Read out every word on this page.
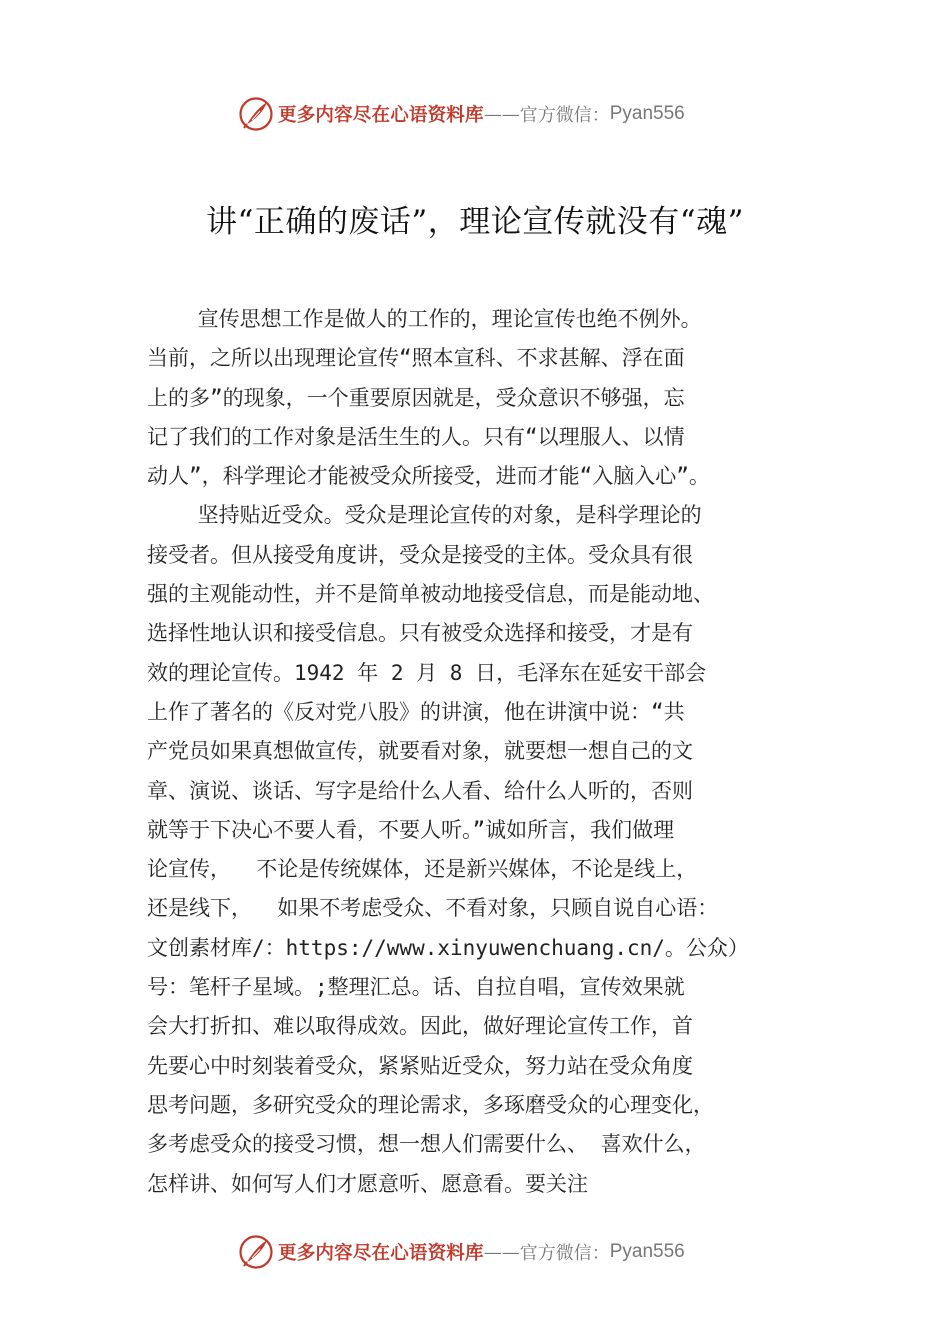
更多内容尽在心语资料库 —— 官方微信： Pyan556
讲“正确的废话”，理论宣传就没有“魂”
宣传思想工作是做人的工作的，理论宣传也绝不例外。
当前，之所以出现理论宣传“照本宣科、不求甚解、浮在面
上的多”的现象，一个重要原因就是，受众意识不够强，忘
记了我们的工作对象是活生生的人。只有“以理服人、以情
动人”，科学理论才能被受众所接受，进而才能“入脑入心”。
坚持贴近受众。受众是理论宣传的对象，是科学理论的
接受者。但从接受角度讲，受众是接受的主体。受众具有很
强的主观能动性，并不是简单被动地接受信息，而是能动地、
选择性地认识和接受信息。只有被受众选择和接受，才是有
效的理论宣传。1942 年 2 月 8 日，毛泽东在延安干部会
上作了著名的《反对党八股》的讲演，他在讲演中说：“共
产党员如果真想做宣传，就要看对象，就要想一想自己的文
章、演说、谈话、写字是给什么人看、给什么人听的，否则
就等于下决心不要人看，不要人听。”诚如所言，我们做理
论宣传，  不论是传统媒体，还是新兴媒体，不论是线上，
还是线下，  如果不考虑受众、不看对象，只顾自说自心语：
文创素材库/：https://www.xinyuwenchuang.cn/。公众）
号：笔杆子星域。;整理汇总。话、自拉自唱，宣传效果就
会大打折扣、难以取得成效。因此，做好理论宣传工作，首
先要心中时刻装着受众，紧紧贴近受众，努力站在受众角度
思考问题，多研究受众的理论需求，多琢磨受众的心理变化，
多考虑受众的接受习惯，想一想人们需要什么、 喜欢什么，
怎样讲、如何写人们才愿意听、愿意看。要关注
更多内容尽在心语资料库 —— 官方微信： Pyan556
